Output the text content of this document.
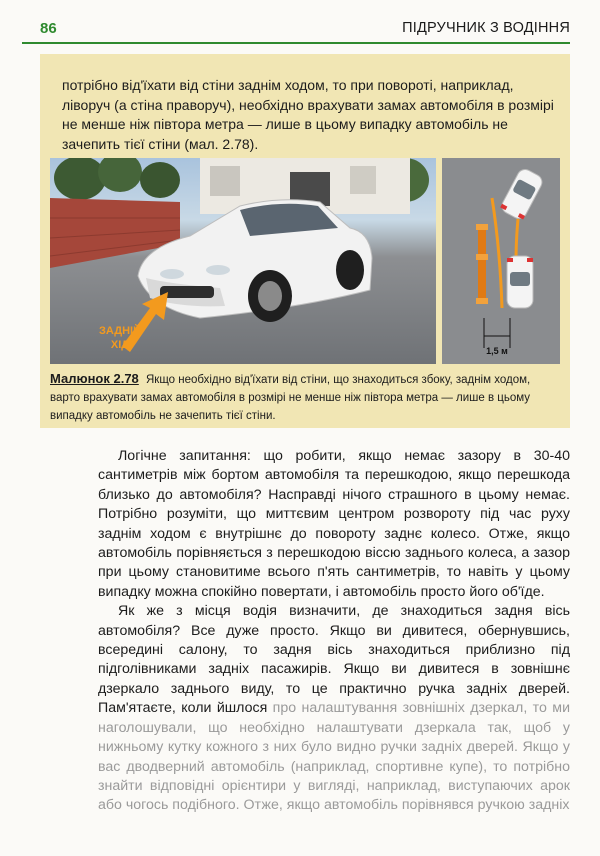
86	ПІДРУЧНИК З ВОДІННЯ
потрібно від'їхати від стіни заднім ходом, то при повороті, наприклад, ліворуч (а стіна праворуч), необхідно врахувати замах автомобіля в розмірі не менше ніж півтора метра — лише в цьому випадку автомобіль не зачепить тієї стіни (мал. 2.78).
ЗАДНІЙ
ХІД	1,5 м
Малюнок 2.78 Якщо необхідно від'їхати від стіни, що знаходиться збоку, заднім ходом, варто врахувати замах автомобіля в розмірі не менше ніж півтора метра — лише в цьому випадку автомобіль не зачепить тієї стіни.

Логічне запитання: що робити, якщо немає зазору в 30-40 сантиметрів між бортом автомобіля та перешкодою, якщо перешкода близько до автомобіля? Насправді нічого страшного в цьому немає. Потрібно розуміти, що миттєвим центром розвороту під час руху заднім ходом є внутрішнє до повороту заднє колесо. Отже, якщо автомобіль порівняється з перешкодою віссю заднього колеса, а зазор при цьому становитиме всього п'ять сантиметрів, то навіть у цьому випадку можна спокійно повертати, і автомобіль просто його об'їде.

Як же з місця водія визначити, де знаходиться задня вісь автомобіля? Все дуже просто. Якщо ви дивитеся, обернувшись, всередині салону, то задня вісь знаходиться приблизно під підголівниками задніх пасажирів. Якщо ви дивитеся в зовнішнє дзеркало заднього виду, то це практично ручка задніх дверей. Пам'ятаєте, коли йшлося про налаштування зовнішніх дзеркал, то ми наголошували, що необхідно налаштувати дзеркала так, щоб у нижньому кутку кожного з них було видно ручки задніх дверей. Якщо у вас дводверний автомобіль (наприклад, спортивне купе), то потрібно знайти відповідні орієнтири у вигляді, наприклад, виступаючих арок або чогось подібного. Отже, якщо автомобіль порівнявся ручкою задніх
